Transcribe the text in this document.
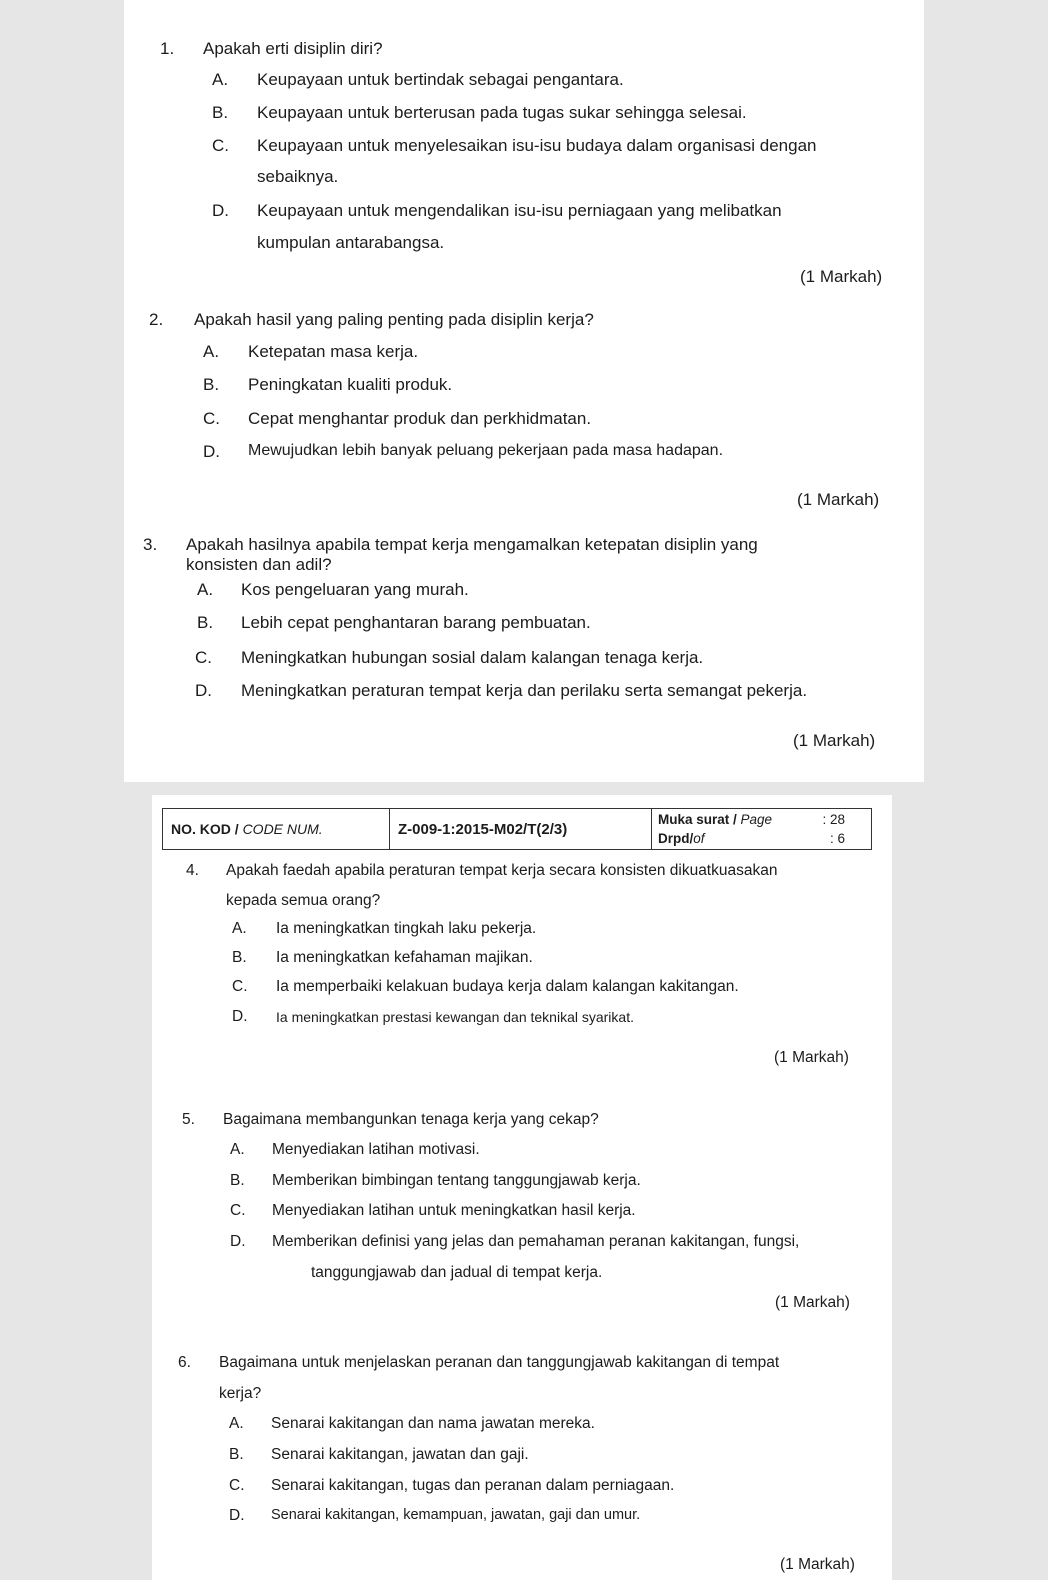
1. Apakah erti disiplin diri?
A. Keupayaan untuk bertindak sebagai pengantara.
B. Keupayaan untuk berterusan pada tugas sukar sehingga selesai.
C. Keupayaan untuk menyelesaikan isu-isu budaya dalam organisasi dengan
sebaiknya.
D. Keupayaan untuk mengendalikan isu-isu perniagaan yang melibatkan
kumpulan antarabangsa.
(1 Markah)
2. Apakah hasil yang paling penting pada disiplin kerja?
A. Ketepatan masa kerja.
B. Peningkatan kualiti produk.
C. Cepat menghantar produk dan perkhidmatan.
D. Mewujudkan lebih banyak peluang pekerjaan pada masa hadapan.
(1 Markah)
3. Apakah hasilnya apabila tempat kerja mengamalkan ketepatan disiplin yang
konsisten dan adil?
A. Kos pengeluaran yang murah.
B. Lebih cepat penghantaran barang pembuatan.
C. Meningkatkan hubungan sosial dalam kalangan tenaga kerja.
D. Meningkatkan peraturan tempat kerja dan perilaku serta semangat pekerja.
(1 Markah)
NO. KOD / CODE NUM.	Z-009-1:2015-M02/T(2/3)	
Muka surat / Page	: 28
Drpd/of	: 6
4. Apakah faedah apabila peraturan tempat kerja secara konsisten dikuatkuasakan
kepada semua orang?
A. Ia meningkatkan tingkah laku pekerja.
B. Ia meningkatkan kefahaman majikan.
C. Ia memperbaiki kelakuan budaya kerja dalam kalangan kakitangan.
D. Ia meningkatkan prestasi kewangan dan teknikal syarikat.
(1 Markah)
5. Bagaimana membangunkan tenaga kerja yang cekap?
A. Menyediakan latihan motivasi.
B. Memberikan bimbingan tentang tanggungjawab kerja.
C. Menyediakan latihan untuk meningkatkan hasil kerja.
D. Memberikan definisi yang jelas dan pemahaman peranan kakitangan, fungsi,
tanggungjawab dan jadual di tempat kerja.
(1 Markah)
6. Bagaimana untuk menjelaskan peranan dan tanggungjawab kakitangan di tempat
kerja?
A. Senarai kakitangan dan nama jawatan mereka.
B. Senarai kakitangan, jawatan dan gaji.
C. Senarai kakitangan, tugas dan peranan dalam perniagaan.
D. Senarai kakitangan, kemampuan, jawatan, gaji dan umur.
(1 Markah)
